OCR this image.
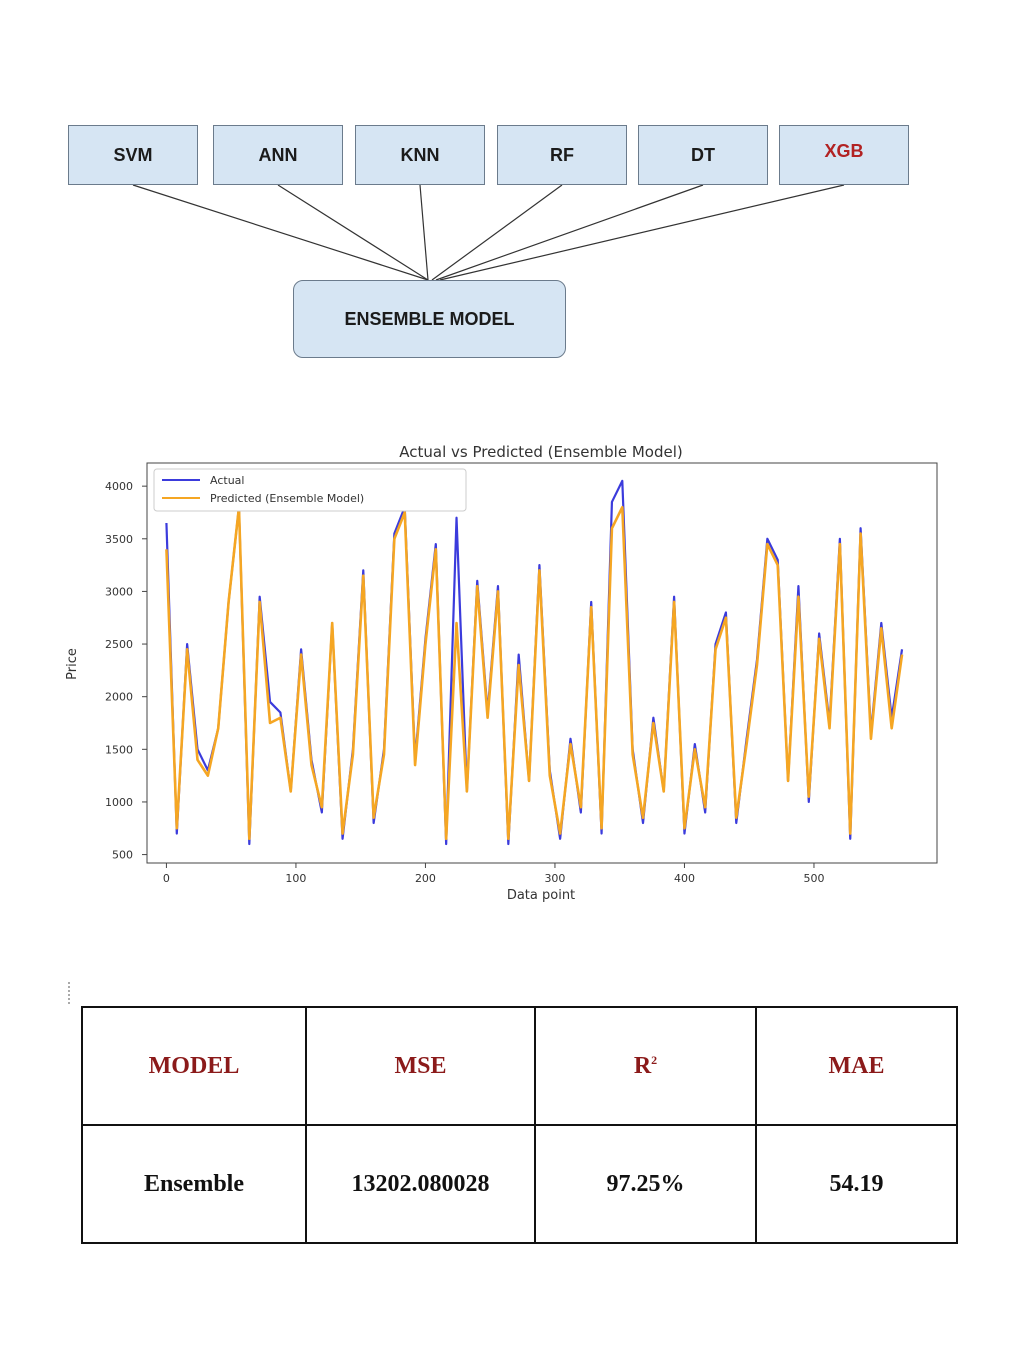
SVM	ANN	KNN	RF	DT	XGB
ENSEMBLE MODEL
Actual vs Predicted (Ensemble Model)
500
1000
1500
2000
2500
3000
3500
4000
0	100	200	300	400	500
Data point
Price
Actual
Predicted (Ensemble Model)
MODEL	MSE	$R^2$	MAE
Ensemble	13202.080028	97.25%	54.19
